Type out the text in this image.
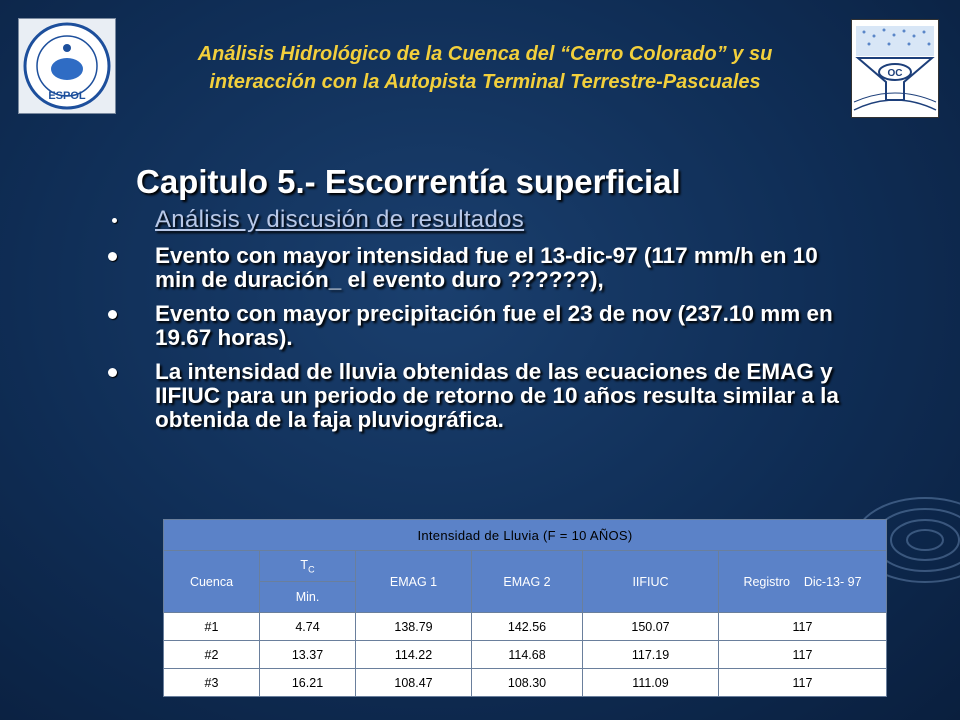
ESPOL
OC
Análisis Hidrológico de la Cuenca del “Cerro Colorado” y su
interacción con la Autopista Terminal Terrestre-Pascuales
Capitulo 5.- Escorrentía superficial
Análisis y discusión de resultados
Evento con mayor intensidad fue el 13-dic-97 (117 mm/h en 10 min de duración_ el evento duro ??????),
Evento con mayor precipitación fue el 23 de nov (237.10 mm en 19.67 horas).
La intensidad de lluvia obtenidas de las ecuaciones de EMAG y IIFIUC para un periodo de retorno de 10 años resulta similar a la obtenida de la faja pluviográfica.
Intensidad de Lluvia (F = 10 AÑOS)					
Cuenca	$T_C$	EMAG 1	EMAG 2	IIFIUC	Registro    Dic-13- 97
	Min.				
#1	4.74	138.79	142.56	150.07	117
#2	13.37	114.22	114.68	117.19	117
#3	16.21	108.47	108.30	111.09	117
